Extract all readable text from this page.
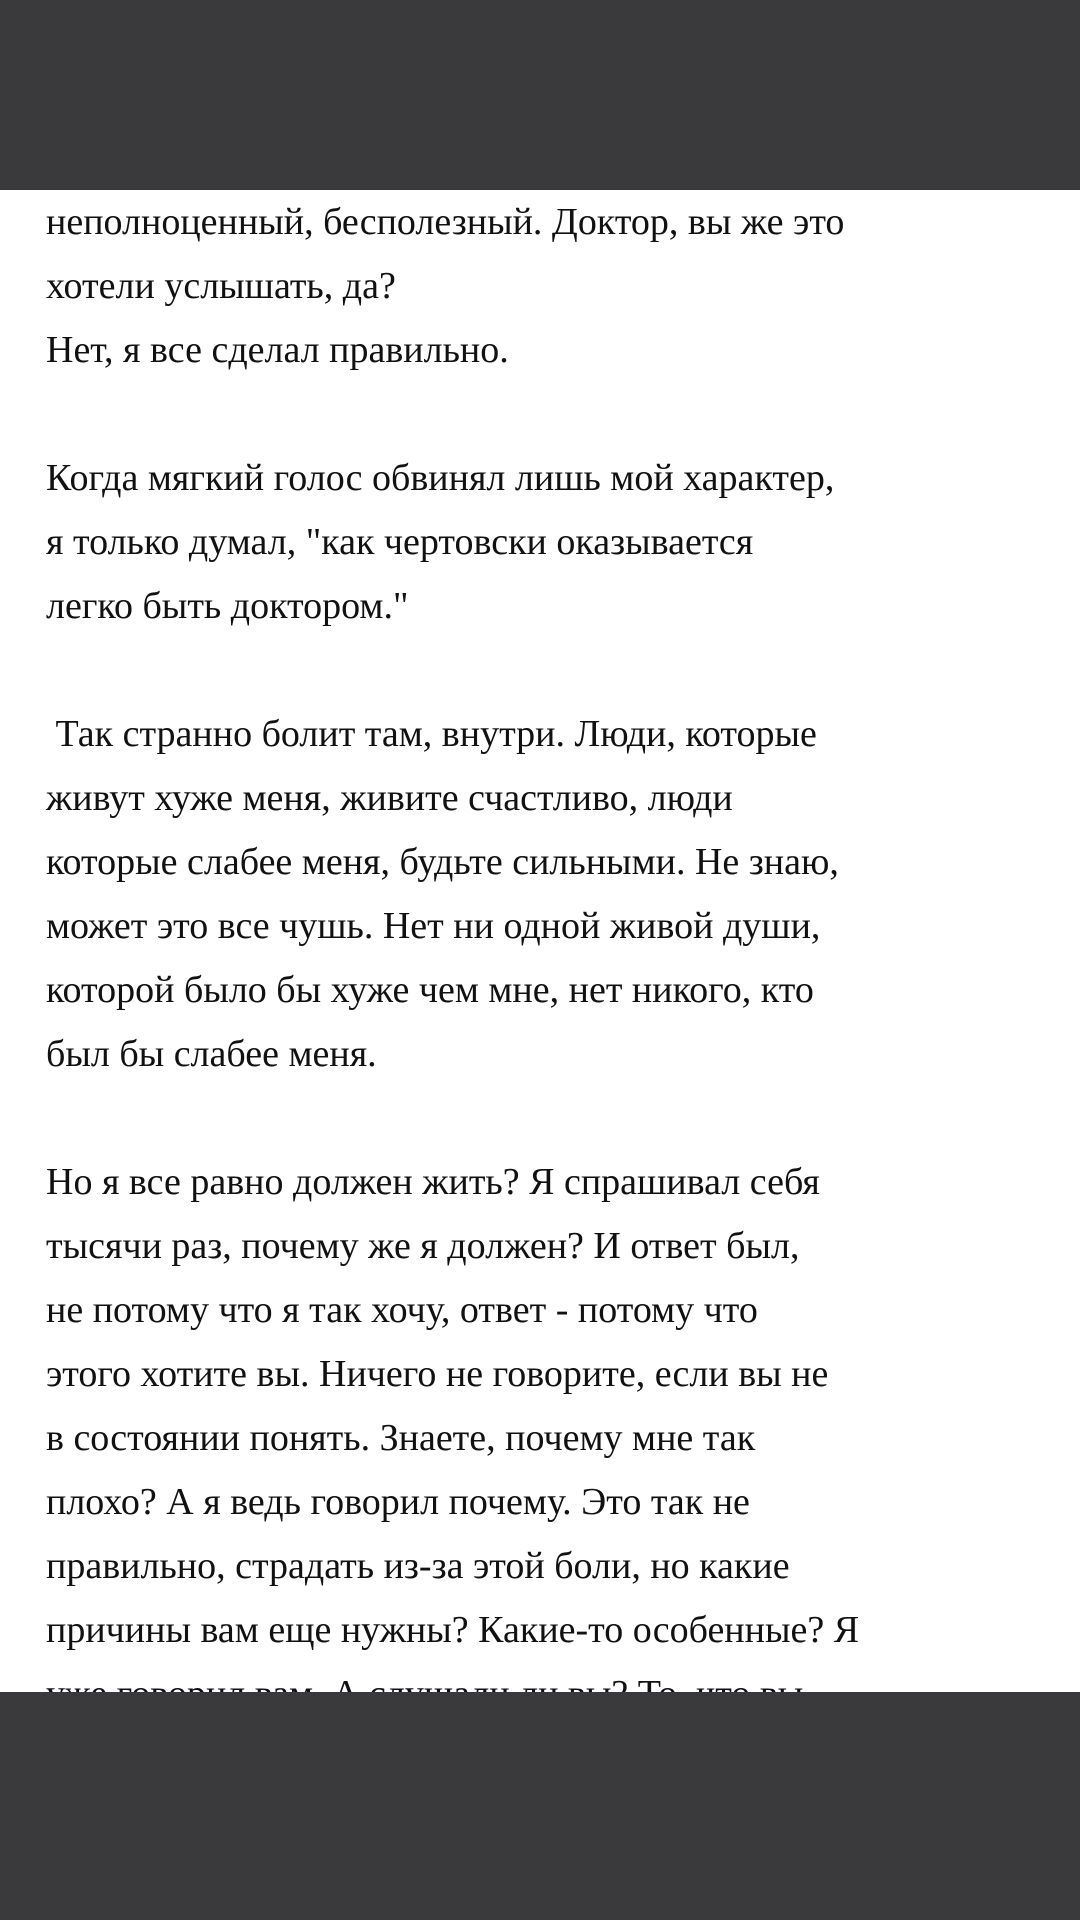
неполноценный, бесполезный. Доктор, вы же это
хотели услышать, да?
Нет, я все сделал правильно.
Когда мягкий голос обвинял лишь мой характер,
я только думал, "как чертовски оказывается
легко быть доктором."
Так странно болит там, внутри. Люди, которые
живут хуже меня, живите счастливо, люди
которые слабее меня, будьте сильными. Не знаю,
может это все чушь. Нет ни одной живой души,
которой было бы хуже чем мне, нет никого, кто
был бы слабее меня.
Но я все равно должен жить? Я спрашивал себя
тысячи раз, почему же я должен? И ответ был,
не потому что я так хочу, ответ - потому что
этого хотите вы. Ничего не говорите, если вы не
в состоянии понять. Знаете, почему мне так
плохо? А я ведь говорил почему. Это так не
правильно, страдать из-за этой боли, но какие
причины вам еще нужны? Какие-то особенные? Я
